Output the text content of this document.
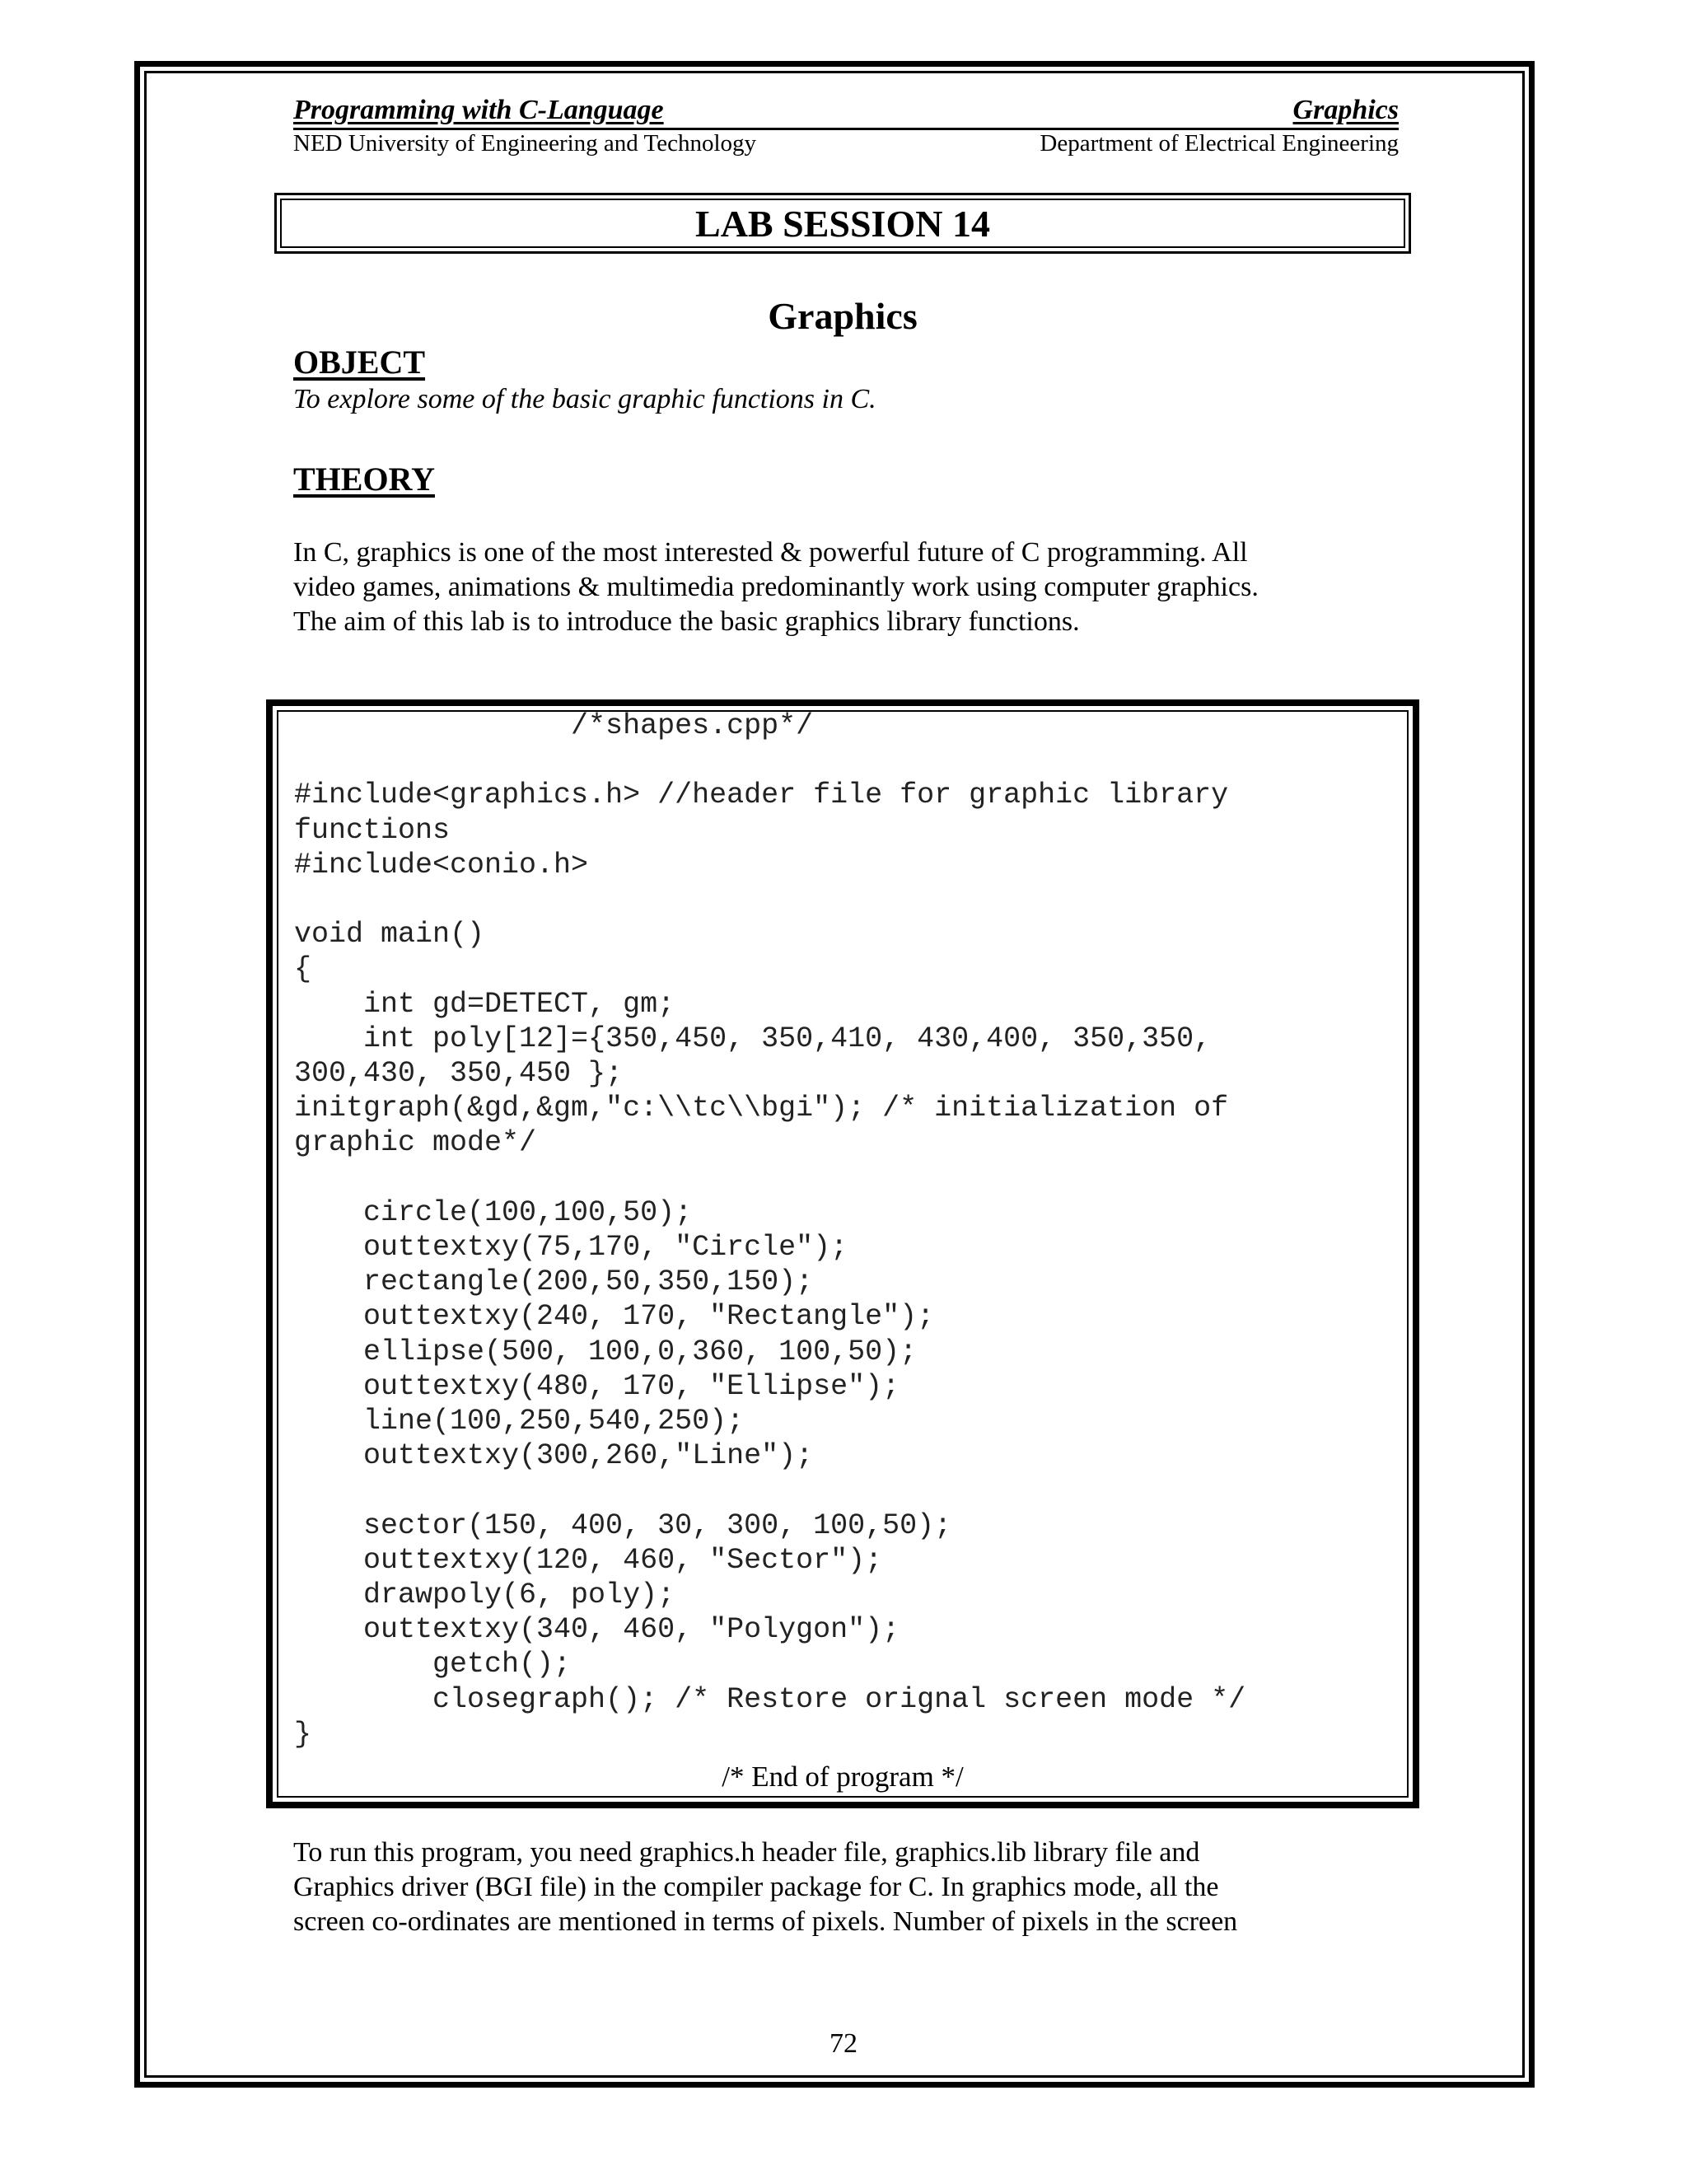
Programming with C-Language	Graphics
NED University of Engineering and Technology	Department of Electrical Engineering
LAB SESSION 14
Graphics
OBJECT
To explore some of the basic graphic functions in C.
THEORY
In C, graphics is one of the most interested & powerful future of C programming. All
video games, animations & multimedia predominantly work using computer graphics.
The aim of this lab is to introduce the basic graphics library functions.
/*shapes.cpp*/
#include<graphics.h> //header file for graphic library
functions
#include<conio.h>
void main()
{
int gd=DETECT, gm;
int poly[12]={350,450, 350,410, 430,400, 350,350,
300,430, 350,450 };
initgraph(&gd,&gm,"c:\\tc\\bgi"); /* initialization of
graphic mode*/
circle(100,100,50);
outtextxy(75,170, "Circle");
rectangle(200,50,350,150);
outtextxy(240, 170, "Rectangle");
ellipse(500, 100,0,360, 100,50);
outtextxy(480, 170, "Ellipse");
line(100,250,540,250);
outtextxy(300,260,"Line");
sector(150, 400, 30, 300, 100,50);
outtextxy(120, 460, "Sector");
drawpoly(6, poly);
outtextxy(340, 460, "Polygon");
getch();
closegraph(); /* Restore orignal screen mode */
}
/* End of program */
To run this program, you need graphics.h header file, graphics.lib library file and
Graphics driver (BGI file) in the compiler package for C. In graphics mode, all the
screen co-ordinates are mentioned in terms of pixels. Number of pixels in the screen
72
